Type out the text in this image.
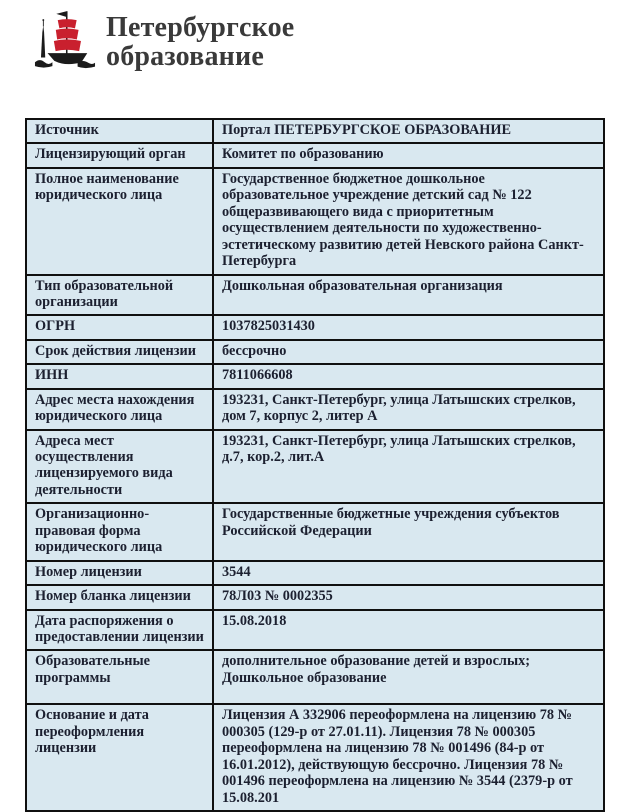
Петербургское
образование
Источник	Портал ПЕТЕРБУРГСКОЕ ОБРАЗОВАНИЕ
Лицензирующий орган	Комитет по образованию
Полное наименование юридического лица	Государственное бюджетное дошкольное образовательное учреждение детский сад № 122 общеразвивающего вида с приоритетным осуществлением деятельности по художественно-эстетическому развитию детей Невского района Санкт-Петербурга
Тип образовательной организации	Дошкольная образовательная организация
ОГРН	1037825031430
Срок действия лицензии	бессрочно
ИНН	7811066608
Адрес места нахождения юридического лица	193231, Санкт-Петербург, улица Латышских стрелков, дом 7, корпус 2, литер А
Адреса мест осуществления лицензируемого вида деятельности	193231, Санкт-Петербург, улица Латышских стрелков, д.7, кор.2, лит.А
Организационно-правовая форма юридического лица	Государственные бюджетные учреждения субъектов Российской Федерации
Номер лицензии	3544
Номер бланка лицензии	78Л03 № 0002355
Дата распоряжения о предоставлении лицензии	15.08.2018
Образовательные программы	дополнительное образование детей и взрослых; Дошкольное образование
Основание и дата переоформления лицензии	Лицензия А 332906 переоформлена на лицензию 78 № 000305 (129-р от 27.01.11). Лицензия 78 № 000305 переоформлена на лицензию 78 № 001496 (84-р от 16.01.2012), действующую бессрочно. Лицензия 78 № 001496 переоформлена на лицензию № 3544 (2379-р от 15.08.201
